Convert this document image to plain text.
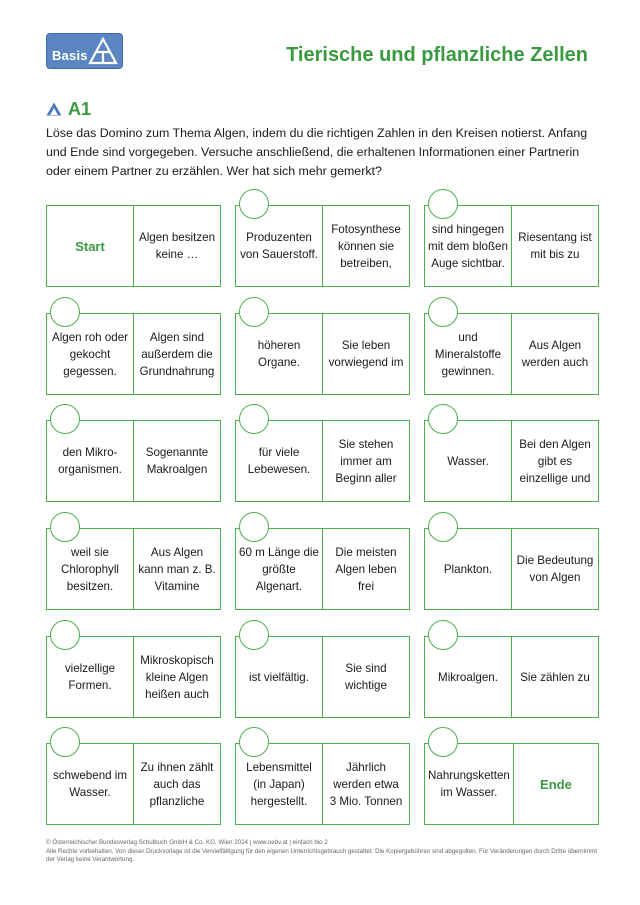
Basis	Tierische und pflanzliche Zellen
A1

Löse das Domino zum Thema Algen, indem du die richtigen Zahlen in den Kreisen notierst. Anfang und Ende sind vorgegeben. Versuche anschließend, die erhaltenen Informationen einer Partnerin oder einem Partner zu erzählen. Wer hat sich mehr gemerkt?

Start
Algen besitzen
keine …
Produzenten
von Sauerstoff.
Fotosynthese
können sie
betreiben,
sind hingegen
mit dem bloßen
Auge sichtbar.
Riesentang ist
mit bis zu
Algen roh oder
gekocht
gegessen.
Algen sind
außerdem die
Grundnahrung
höheren
Organe.
Sie leben
vorwiegend im
und
Mineralstoffe
gewinnen.
Aus Algen
werden auch
den Mikro-
organismen.
Sogenannte
Makroalgen
für viele
Lebewesen.
Sie stehen
immer am
Beginn aller
Wasser.
Bei den Algen
gibt es
einzellige und
weil sie
Chlorophyll
besitzen.
Aus Algen
kann man z. B.
Vitamine
60 m Länge die
größte
Algenart.
Die meisten
Algen leben
frei
Plankton.
Die Bedeutung
von Algen
vielzellige
Formen.
Mikroskopisch
kleine Algen
heißen auch
ist vielfältig.
Sie sind
wichtige
Mikroalgen.	Sie zählen zu
schwebend im
Wasser.
Zu ihnen zählt
auch das
pflanzliche
Lebensmittel
(in Japan)
hergestellt.
Jährlich
werden etwa
3 Mio. Tonnen
Nahrungsketten
im Wasser.
Ende
© Österreichischer Bundesverlag Schulbuch GmbH & Co. KG, Wien 2024 | www.oebv.at | einfach bio 2
Alle Rechte vorbehalten. Von dieser Druckvorlage ist die Vervielfältigung für den eigenen Unterrichtsgebrauch gestattet. Die Kopiergebühren sind abgegolten. Für Veränderungen durch Dritte übernimmt der Verlag keine Verantwortung.
